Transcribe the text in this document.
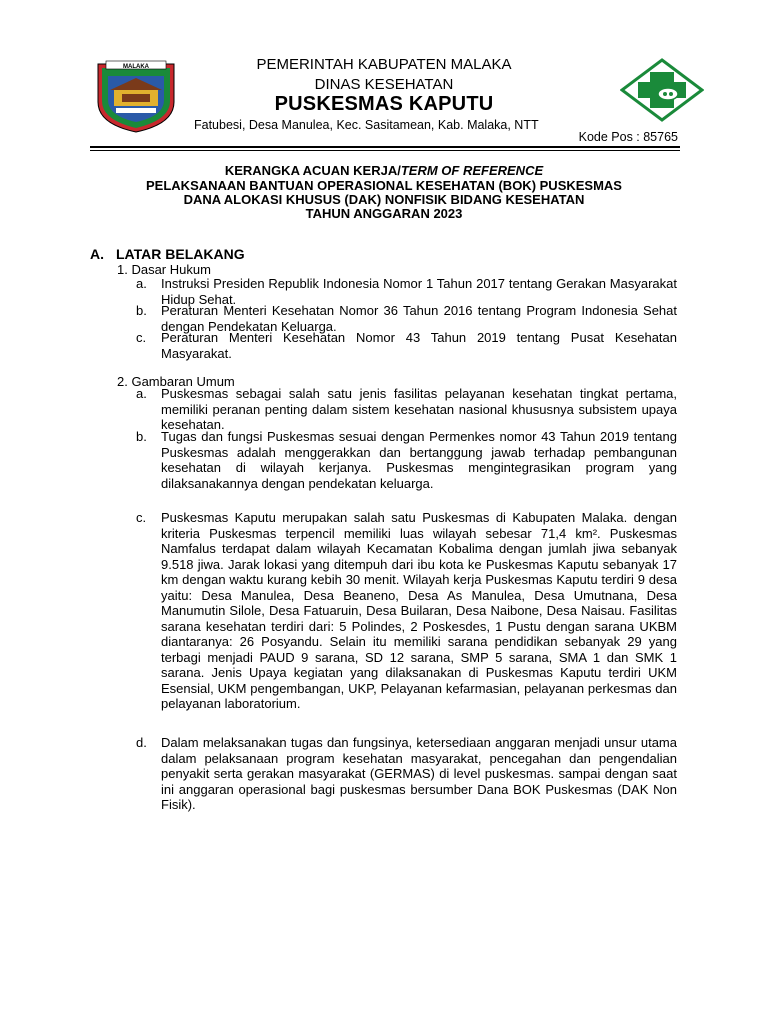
MALAKA	PEMERINTAH KABUPATEN MALAKA
DINAS KESEHATAN
PUSKESMAS KAPUTU
Fatubesi, Desa Manulea, Kec. Sasitamean, Kab. Malaka, NTT
Kode Pos : 85765
KERANGKA ACUAN KERJA/TERM OF REFERENCE
PELAKSANAAN BANTUAN OPERASIONAL KESEHATAN (BOK) PUSKESMAS
DANA ALOKASI KHUSUS (DAK) NONFISIK BIDANG KESEHATAN
TAHUN ANGGARAN 2023
A. LATAR BELAKANG
1. Dasar Hukum
a. Instruksi Presiden Republik Indonesia Nomor 1 Tahun 2017 tentang Gerakan Masyarakat Hidup Sehat.
b. Peraturan Menteri Kesehatan Nomor 36 Tahun 2016 tentang Program Indonesia Sehat dengan Pendekatan Keluarga.
c. Peraturan Menteri Kesehatan Nomor 43 Tahun 2019 tentang Pusat Kesehatan Masyarakat.
2. Gambaran Umum
a. Puskesmas sebagai salah satu jenis fasilitas pelayanan kesehatan tingkat pertama, memiliki peranan penting dalam sistem kesehatan nasional khususnya subsistem upaya kesehatan.
b. Tugas dan fungsi Puskesmas sesuai dengan Permenkes nomor 43 Tahun 2019 tentang Puskesmas adalah menggerakkan dan bertanggung jawab terhadap pembangunan kesehatan di wilayah kerjanya. Puskesmas mengintegrasikan program yang dilaksanakannya dengan pendekatan keluarga.
c. Puskesmas Kaputu merupakan salah satu Puskesmas di Kabupaten Malaka. dengan kriteria Puskesmas terpencil memiliki luas wilayah sebesar 71,4 km². Puskesmas Namfalus terdapat dalam wilayah Kecamatan Kobalima dengan jumlah jiwa sebanyak 9.518 jiwa. Jarak lokasi yang ditempuh dari ibu kota ke Puskesmas Kaputu sebanyak 17 km dengan waktu kurang kebih 30 menit. Wilayah kerja Puskesmas Kaputu terdiri 9 desa yaitu: Desa Manulea, Desa Beaneno, Desa As Manulea, Desa Umutnana, Desa Manumutin Silole, Desa Fatuaruin, Desa Builaran, Desa Naibone, Desa Naisau. Fasilitas sarana kesehatan terdiri dari: 5 Polindes, 2 Poskesdes, 1 Pustu dengan sarana UKBM diantaranya: 26 Posyandu. Selain itu memiliki sarana pendidikan sebanyak 29 yang terbagi menjadi PAUD 9 sarana, SD 12 sarana, SMP 5 sarana, SMA 1 dan SMK 1 sarana. Jenis Upaya kegiatan yang dilaksanakan di Puskesmas Kaputu terdiri UKM Esensial, UKM pengembangan, UKP, Pelayanan kefarmasian, pelayanan perkesmas dan pelayanan laboratorium.
d. Dalam melaksanakan tugas dan fungsinya, ketersediaan anggaran menjadi unsur utama dalam pelaksanaan program kesehatan masyarakat, pencegahan dan pengendalian penyakit serta gerakan masyarakat (GERMAS) di level puskesmas. sampai dengan saat ini anggaran operasional bagi puskesmas bersumber Dana BOK Puskesmas (DAK Non Fisik).
